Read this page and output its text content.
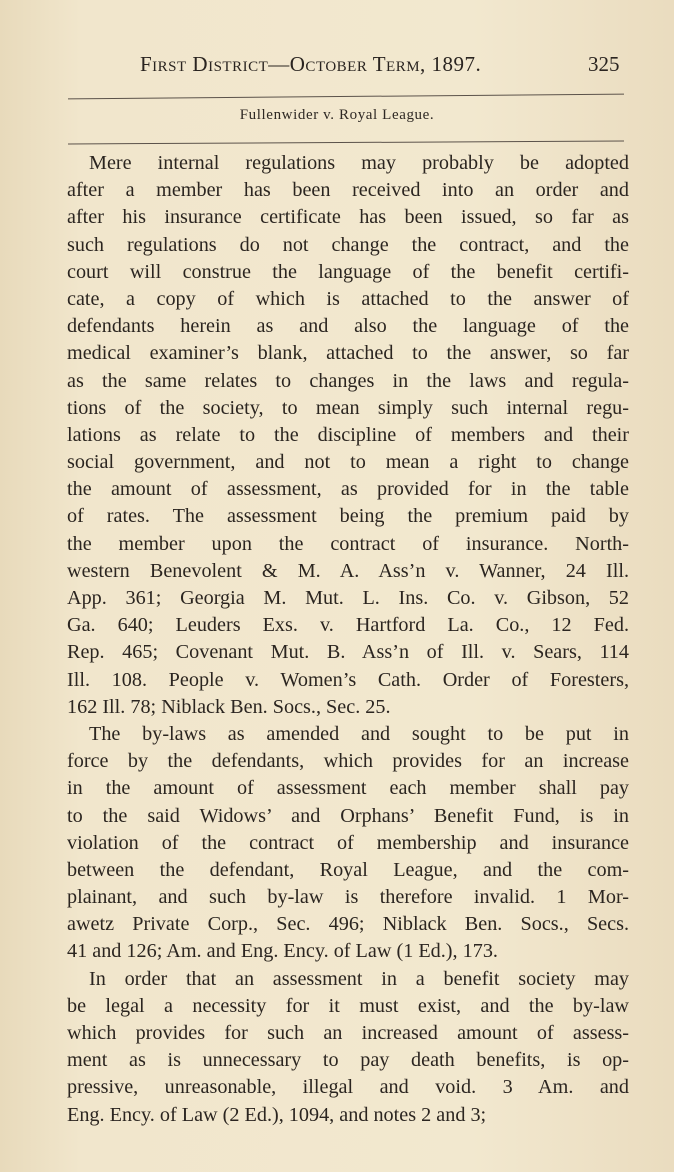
First District—October Term, 1897.	325
Fullenwider v. Royal League.
Mere internal regulations may probably be adopted
after a member has been received into an order and
after his insurance certificate has been issued, so far as
such regulations do not change the contract, and the
court will construe the language of the benefit certifi-
cate, a copy of which is attached to the answer of
defendants herein as and also the language of the
medical examiner’s blank, attached to the answer, so far
as the same relates to changes in the laws and regula-
tions of the society, to mean simply such internal regu-
lations as relate to the discipline of members and their
social government, and not to mean a right to change
the amount of assessment, as provided for in the table
of rates. The assessment being the premium paid by
the member upon the contract of insurance. North-
western Benevolent & M. A. Ass’n v. Wanner, 24 Ill.
App. 361; Georgia M. Mut. L. Ins. Co. v. Gibson, 52
Ga. 640; Leuders Exs. v. Hartford La. Co., 12 Fed.
Rep. 465; Covenant Mut. B. Ass’n of Ill. v. Sears, 114
Ill. 108. People v. Women’s Cath. Order of Foresters,
162 Ill. 78; Niblack Ben. Socs., Sec. 25.
The by-laws as amended and sought to be put in
force by the defendants, which provides for an increase
in the amount of assessment each member shall pay
to the said Widows’ and Orphans’ Benefit Fund, is in
violation of the contract of membership and insurance
between the defendant, Royal League, and the com-
plainant, and such by-law is therefore invalid. 1 Mor-
awetz Private Corp., Sec. 496; Niblack Ben. Socs., Secs.
41 and 126; Am. and Eng. Ency. of Law (1 Ed.), 173.
In order that an assessment in a benefit society may
be legal a necessity for it must exist, and the by-law
which provides for such an increased amount of assess-
ment as is unnecessary to pay death benefits, is op-
pressive, unreasonable, illegal and void. 3 Am. and
Eng. Ency. of Law (2 Ed.), 1094, and notes 2 and 3;
